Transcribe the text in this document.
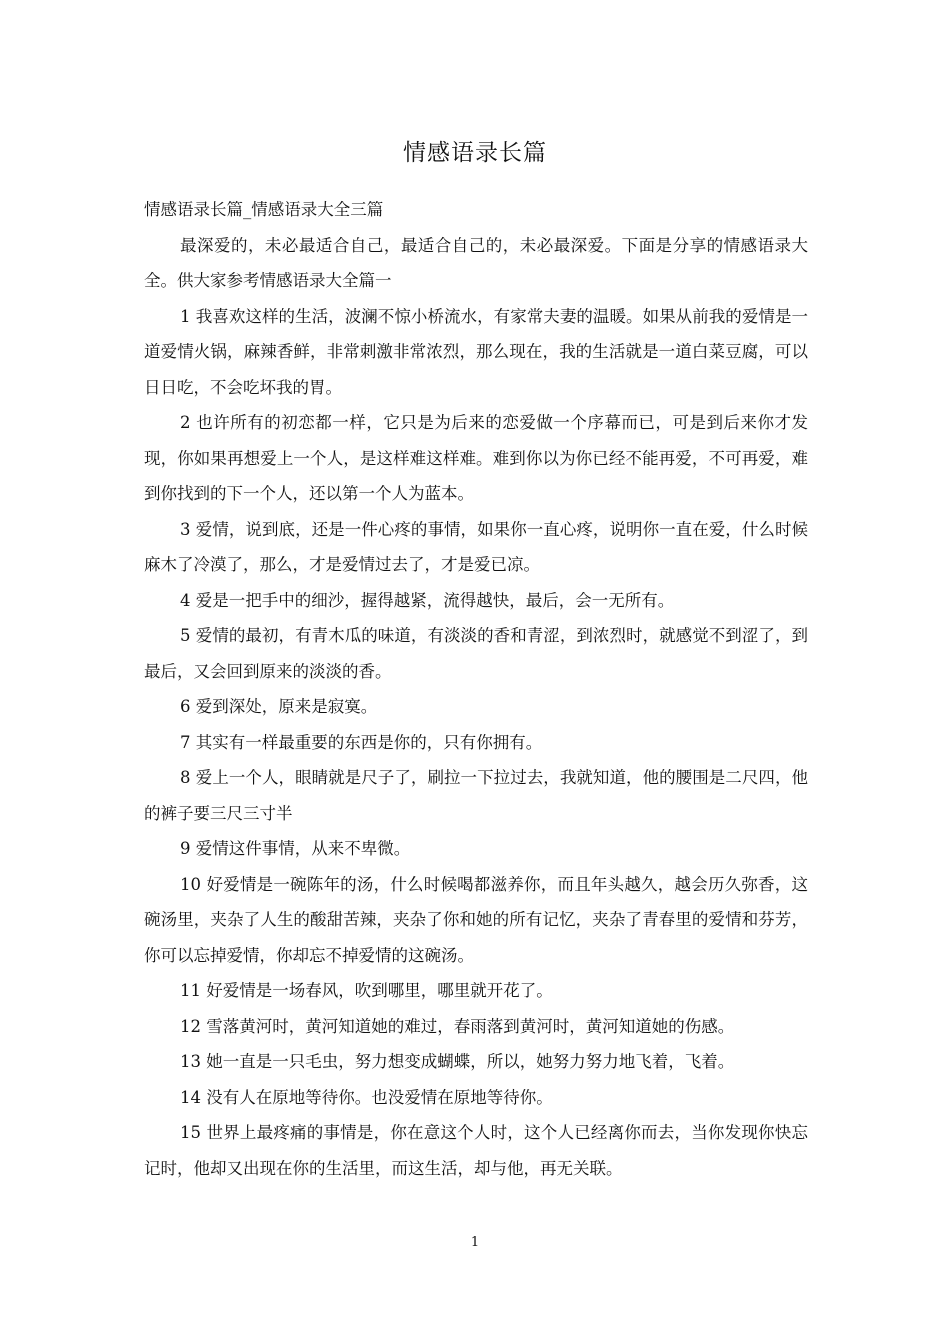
情感语录长篇

情感语录长篇_情感语录大全三篇

最深爱的，未必最适合自己，最适合自己的，未必最深爱。下面是分享的情感语录大全。供大家参考情感语录大全篇一

1 我喜欢这样的生活，波澜不惊小桥流水，有家常夫妻的温暖。如果从前我的爱情是一道爱情火锅，麻辣香鲜，非常刺激非常浓烈，那么现在，我的生活就是一道白菜豆腐，可以日日吃，不会吃坏我的胃。

2 也许所有的初恋都一样，它只是为后来的恋爱做一个序幕而已，可是到后来你才发现，你如果再想爱上一个人，是这样难这样难。难到你以为你已经不能再爱，不可再爱，难到你找到的下一个人，还以第一个人为蓝本。

3 爱情，说到底，还是一件心疼的事情，如果你一直心疼，说明你一直在爱，什么时候麻木了冷漠了，那么，才是爱情过去了，才是爱已凉。

4 爱是一把手中的细沙，握得越紧，流得越快，最后，会一无所有。

5 爱情的最初，有青木瓜的味道，有淡淡的香和青涩，到浓烈时，就感觉不到涩了，到最后，又会回到原来的淡淡的香。

6 爱到深处，原来是寂寞。

7 其实有一样最重要的东西是你的，只有你拥有。

8 爱上一个人，眼睛就是尺子了，刷拉一下拉过去，我就知道，他的腰围是二尺四，他的裤子要三尺三寸半

9 爱情这件事情，从来不卑微。

10 好爱情是一碗陈年的汤，什么时候喝都滋养你，而且年头越久，越会历久弥香，这碗汤里，夹杂了人生的酸甜苦辣，夹杂了你和她的所有记忆，夹杂了青春里的爱情和芬芳，你可以忘掉爱情，你却忘不掉爱情的这碗汤。

11 好爱情是一场春风，吹到哪里，哪里就开花了。

12 雪落黄河时，黄河知道她的难过，春雨落到黄河时，黄河知道她的伤感。

13 她一直是一只毛虫，努力想变成蝴蝶，所以，她努力努力地飞着，飞着。

14 没有人在原地等待你。也没爱情在原地等待你。

15 世界上最疼痛的事情是，你在意这个人时，这个人已经离你而去，当你发现你快忘记时，他却又出现在你的生活里，而这生活，却与他，再无关联。

1
